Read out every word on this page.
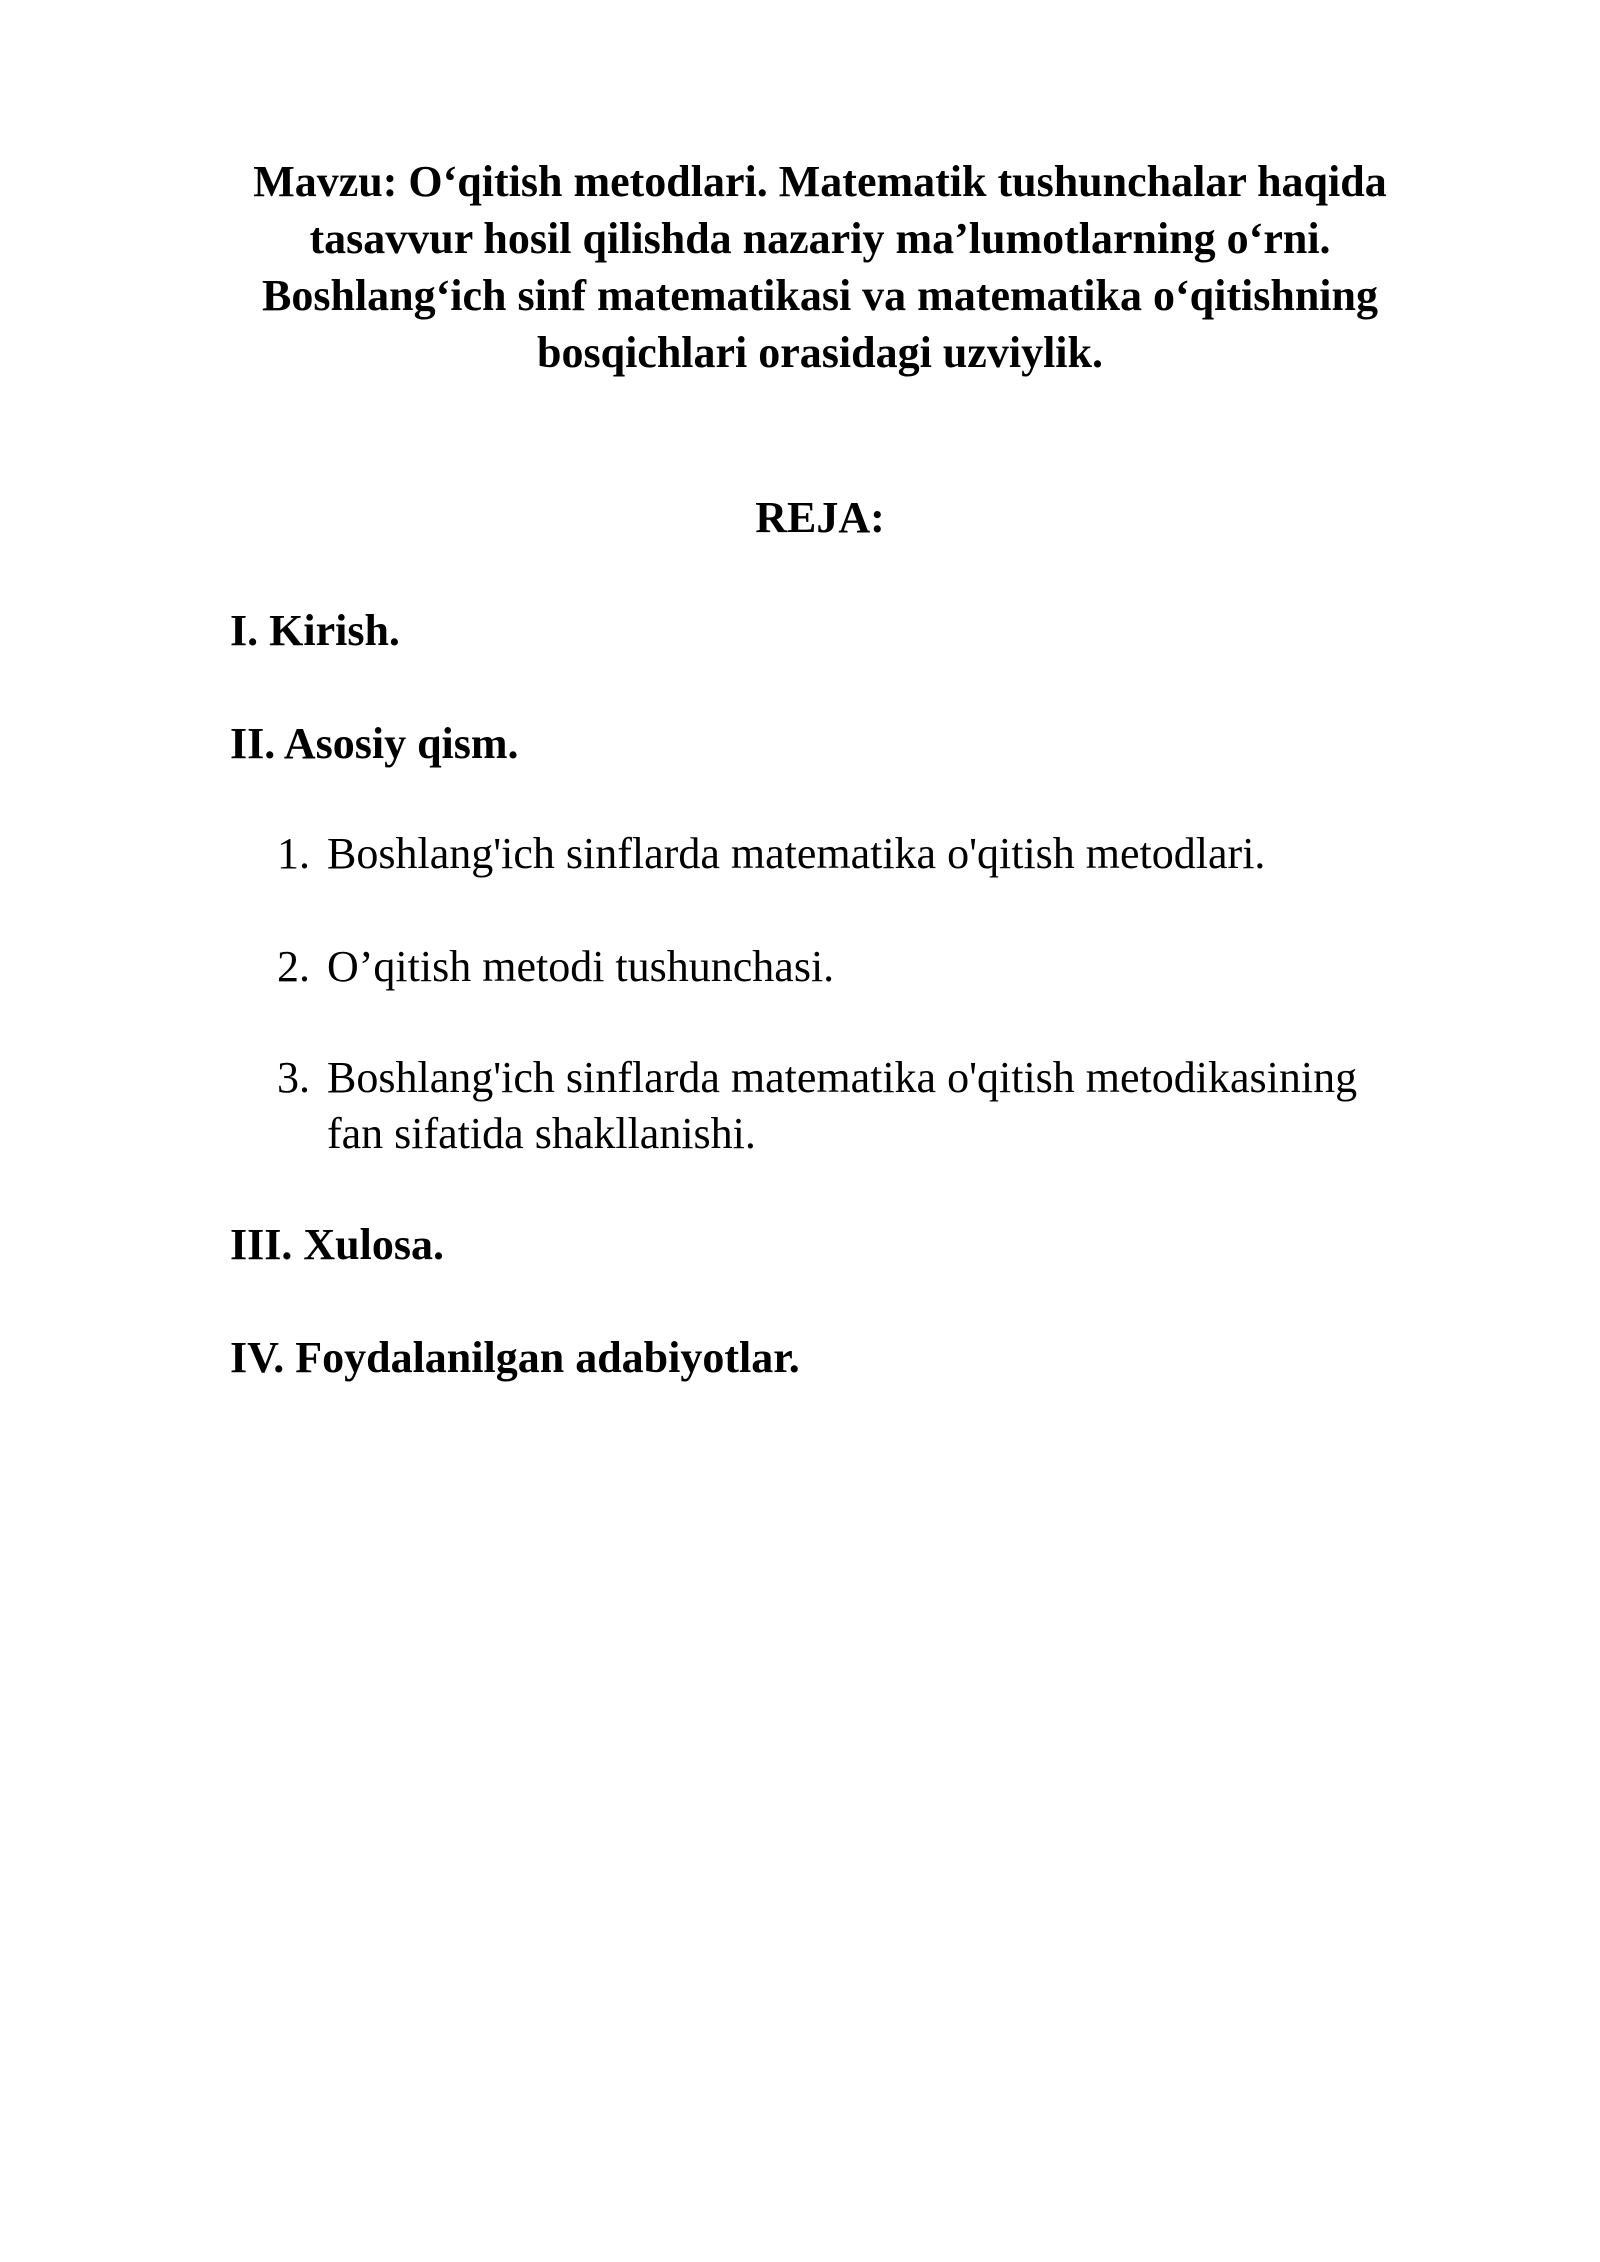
Mavzu: O‘qitish metodlari. Matematik tushunchalar haqida tasavvur hosil qilishda nazariy ma’lumotlarning o‘rni. Boshlang‘ich sinf matematikasi va matematika o‘qitishning bosqichlari orasidagi uzviylik.

REJA:

I. Kirish.

II. Asosiy qism.

1. Boshlang'ich sinflarda matematika o'qitish metodlari.
2. O’qitish metodi tushunchasi.
3. Boshlang'ich sinflarda matematika o'qitish metodikasining fan sifatida shakllanishi.

III. Xulosa.

IV. Foydalanilgan adabiyotlar.
